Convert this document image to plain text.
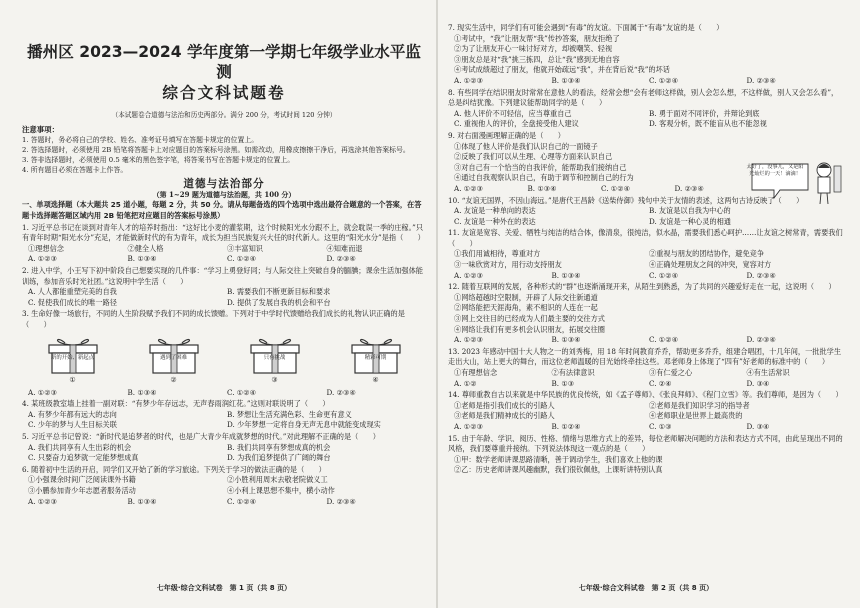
播州区 2023—2024 学年度第一学期七年级学业水平监测
综合文科试题卷
（本试题卷合道德与法治和历史两部分。满分 200 分，考试时间 120 分钟）
注意事项：

1. 答题时，务必将自己的学校、姓名、准考证号填写在答题卡规定的位置上。

2. 答选择题时，必须使用 2B 铅笔将答题卡上对应题目的答案标号涂黑。如需改动，用橡皮擦擦干净后，再选涂其他答案标号。

3. 答非选择题时，必须使用 0.5 毫米的黑色签字笔，将答案书写在答题卡规定的位置上。

4. 所有题目必须在答题卡上作答。

道德与法治部分
（第 1~29 题为道德与法治题，共 100 分）
一、单项选择题（本大题共 25 道小题，每题 2 分，共 50 分。请从每题备选的四个选项中选出最符合题意的一个答案，在答题卡选择题答题区域内用 2B 铅笔把对应题目的答案标号涂黑）
1. 习近平总书记在谈到对青年人才的培养时指出：“这好比小麦的灌浆期，这个时候阳光水分跟不上，就会耽误一季的庄稼。”只有青年时期“阳光水分”充足，才能做新时代的有为青年，成长为担当民族复兴大任的时代新人。这里的“阳光水分”是指（　　）
①理想信念	②健全人格	③丰富知识	④知难而退
A. ①②③	B. ①③④	C. ①②④	D. ②③④
2. 进入中学，小王写下初中阶段自己想要实现的几件事：“学习上勇登好同；与人际交往上突破自身的腼腆；课余生活加强体能训练，参加音乐时光社团。”这说明中学生活（　　）
A. 人人都能重塑完美的自我	B. 需要我们不断更新目标和要求
C. 促使我们成长的唯一路径	D. 提供了发展自我的机会和平台
3. 生命好像一场旅行，不同的人生阶段赋予我们不同的成长馈赠。下列对于中学时代馈赠给我们成长的礼物认识正确的是（　　）
新的开始、新起点
①
遇到了困难
②
只有挑战
③
精彩可期
④
A. ①②③	B. ①③④	C. ①②④	D. ②③④
4. 某班级教室墙上挂着一副对联：“有梦少年存远志，无声春雨润红花。”这则对联说明了（　　）
A. 有梦少年都有远大的志向	B. 梦想让生活充满色彩、生命更有意义
C. 少年的梦与人生目标关联	D. 少年梦想一定将自身无声无息中就能变成现实
5. 习近平总书记曾说：“新时代是追梦者的时代，也是广大青少年成就梦想的时代。”对此理解不正确的是（　　）
A. 我们共同享有人生出彩的机会	B. 我们共同享有梦想成真的机会
C. 只要奋力追梦就一定能梦想成真	D. 为我们追梦提供了广阔的舞台
6. 随着初中生活的开启，同学们又开始了新的学习旅途。下列关于学习的做法正确的是（　　）
①小强课余时间广泛阅读课外书籍	②小胜利用周末去敬老院做义工
③小鹏参加青少年志愿者服务活动	④小利上课思想不集中，横小动作
A. ①②③	B. ①③④	C. ①②④	D. ②③④
七年级·综合文科试卷　第 1 页（共 8 页）
7. 现实生活中，同学们有可能会遇到“有毒”的友谊。下面属于“有毒”友谊的是（　　）
①考试中，“我”让朋友帮“我”传抄答案，朋友拒绝了
②为了让朋友开心一味讨好对方，却被嘲笑、轻视
③朋友总是对“我”挑三拣四，总让“我”感到无地自容
④考试成绩超过了朋友，他就开始疏远“我”，并在背后说“我”的坏话
A. ①②③	B. ①③④	C. ①②④	D. ②③④
8. 有些同学在结识朋友时常常在意他人的看法，经常会想“会有老师这样做，别人会怎么想，不这样做，别人又会怎么看”，总是纠结犹豫。下列建议能帮助同学的是（　　）
A. 他人评价不可轻信，应当尊重自己	B. 勇于面对不同评价，并辩论到底
C. 重视他人的评价，全盘接受他人建议	D. 客观分析，既不能盲从也不能忽视
9. 对右面漫画理解正确的是（　　）
①体现了他人评价是我们认识自己的一面镜子
②反映了我们可以从生理、心理等方面来认识自己
③对自己有一个恰当的自我评价，能帮助我们接纳自己
④通过自我观察认识自己，有助于调节和控制自己的行为
A. ①②③	B. ①③④	C. ①②④	D. ②③④
10. “友谊无国界，不因山海远。”是唐代王昌龄《送柴侍御》残句中关于友情的表述，这两句古诗反映了（　　）
A. 友谊是一种单向的表达	B. 友谊是以自我为中心的
C. 友谊是一种外在的表达	D. 友谊是一种心灵的相通
11. 友谊是宽容、关爱、牺牲与纯洁的结合体，像清泉，很纯洁，似水晶，需要我们悉心呵护……让友谊之树常青，需要我们（　　）
①我们用诚相待，尊重对方	②重视与朋友的团结协作，避免竞争
③一味欣赏对方，用行动支持朋友	④正确处理朋友之间的冲突，宽容对方
A. ①②③	B. ①③④	C. ①②④	D. ②③④
12. 随着互联网的发展，各种形式的“群”也逐渐涌现开来，从陌生到熟悉，为了共同的兴趣爱好走在一起，这说明（　　）
①网络超越时空限制，开辟了人际交往新通道
②网络能把天涯海角，素不相识的人连在一起
③网上交往目的已经成为人们最主要的交往方式
④网络让我们有更多机会认识朋友，拓展交往圈
A. ①②③	B. ①③④	C. ①②④	D. ②③④
13. 2023 年感动中国十大人物之一的刘秀梅，用 18 年时间教育乔乔，帮助更多乔乔，组建合唱团，十几年间，一批批学生走出大山，站上更大的舞台，而这位老师温暖的目光始终牵挂这些。邓老师身上体现了“四有”好老师的标准中的（　　）
①有理想信念	②有法律意识	③有仁爱之心	④有生活常识
A. ①②	B. ①③	C. ②④	D. ③④
14. 尊师重教自古以来就是中华民族的优良传统，如《孟子尊师》、《张良拜师》、《程门立雪》等。我们尊师，是因为（　　）
①老师是指引我们成长的引路人	②老师是我们知识学习的指导者
③老师是我们精神成长的引路人	④老师职业是世界上最高贵的
A. ①②③	B. ①②④	C. ①③	D. ③④
15. 由于年龄、学识、阅历、性格、情绪与思维方式上的差异，每位老师解决问题的方法和表达方式不同，由此呈现出不同的风格，我们要尊重并接纳。下列说法体现这一观点的是（　　）
①甲：数学老师讲课思路清晰，善于调动学生，我们喜欢上他的课
②乙：历史老师讲课风趣幽默，我们很钦佩他，上课听讲特别认真
太好了，没事儿，又是阳光灿烂的一天！滴滴！
七年级·综合文科试卷　第 2 页（共 8 页）
